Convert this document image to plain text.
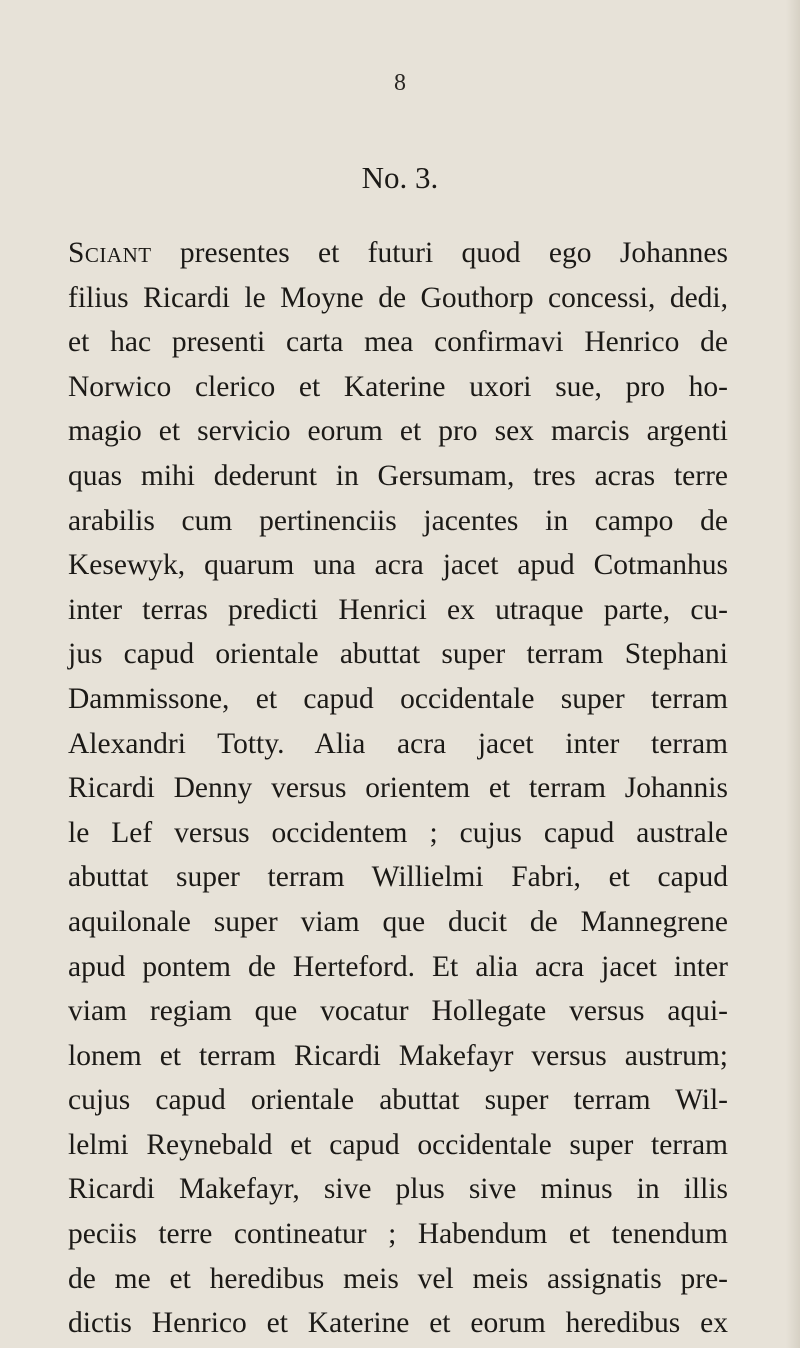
8
No. 3.
Sciant presentes et futuri quod ego Johannes
filius Ricardi le Moyne de Gouthorp concessi, dedi,
et hac presenti carta mea confirmavi Henrico de
Norwico clerico et Katerine uxori sue, pro ho-
magio et servicio eorum et pro sex marcis argenti
quas mihi dederunt in Gersumam, tres acras terre
arabilis cum pertinenciis jacentes in campo de
Kesewyk, quarum una acra jacet apud Cotmanhus
inter terras predicti Henrici ex utraque parte, cu-
jus capud orientale abuttat super terram Stephani
Dammissone, et capud occidentale super terram
Alexandri Totty. Alia acra jacet inter terram
Ricardi Denny versus orientem et terram Johannis
le Lef versus occidentem ; cujus capud australe
abuttat super terram Willielmi Fabri, et capud
aquilonale super viam que ducit de Mannegrene
apud pontem de Herteford. Et alia acra jacet inter
viam regiam que vocatur Hollegate versus aqui-
lonem et terram Ricardi Makefayr versus austrum;
cujus capud orientale abuttat super terram Wil-
lelmi Reynebald et capud occidentale super terram
Ricardi Makefayr, sive plus sive minus in illis
peciis terre contineatur ; Habendum et tenendum
de me et heredibus meis vel meis assignatis pre-
dictis Henrico et Katerine et eorum heredibus ex
